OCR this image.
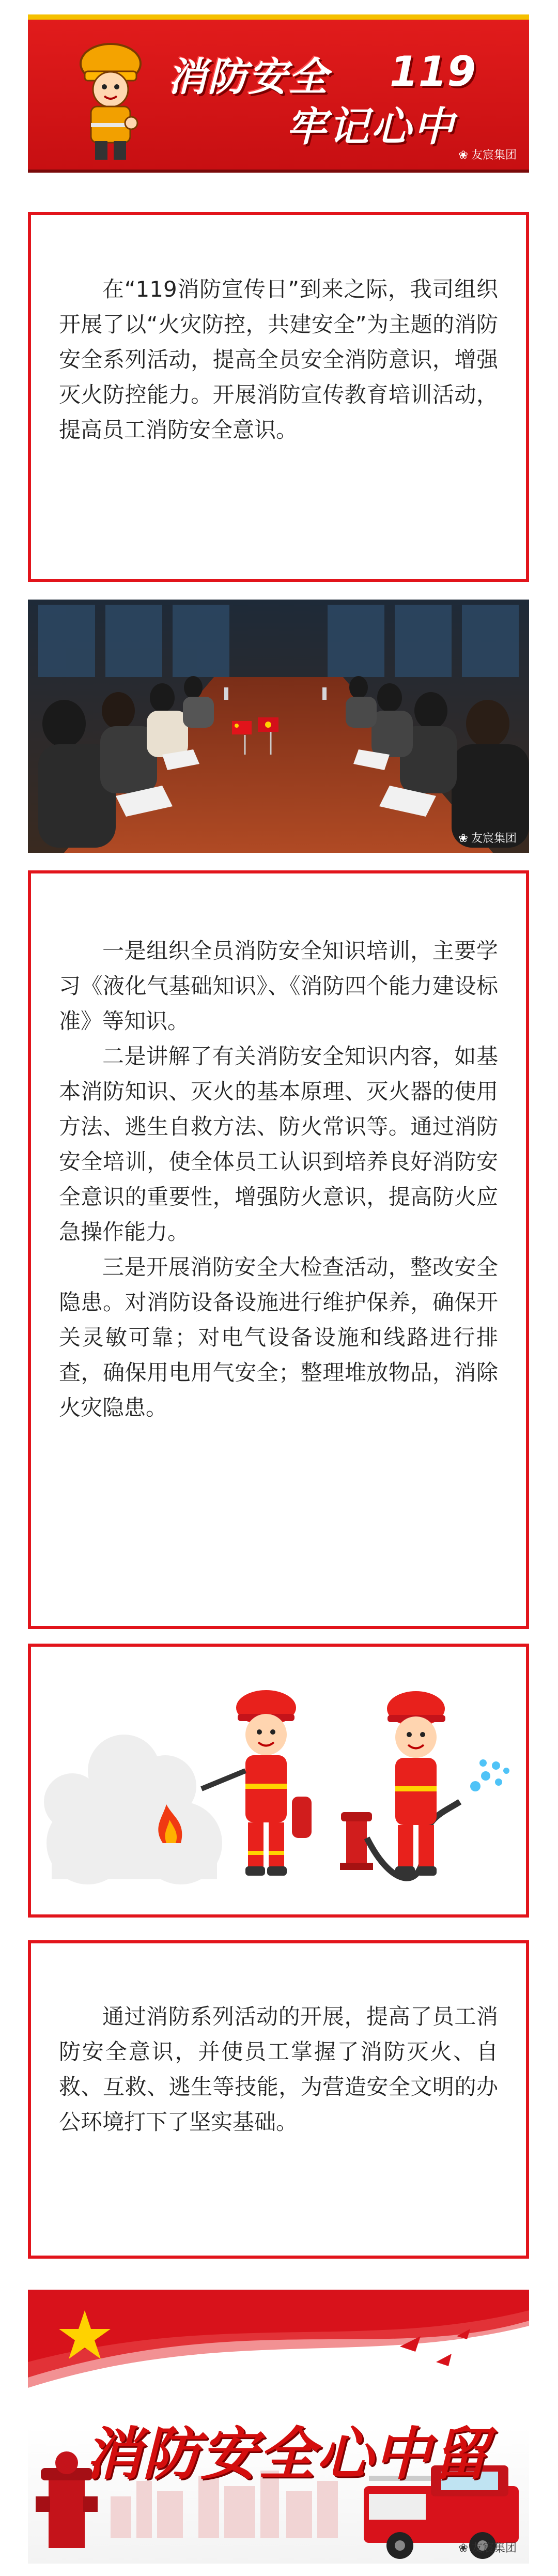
消防安全 119
牢记心中
❀ 友宸集团

在“119消防宣传日”到来之际，我司组织开展了以“火灾防控，共建安全”为主题的消防安全系列活动，提高全员安全消防意识，增强灭火防控能力。开展消防宣传教育培训活动，提高员工消防安全意识。

❀ 友宸集团

一是组织全员消防安全知识培训，主要学习《液化气基础知识》、《消防四个能力建设标准》等知识。

二是讲解了有关消防安全知识内容，如基本消防知识、灭火的基本原理、灭火器的使用方法、逃生自救方法、防火常识等。通过消防安全培训，使全体员工认识到培养良好消防安全意识的重要性，增强防火意识，提高防火应急操作能力。

三是开展消防安全大检查活动，整改安全隐患。对消防设备设施进行维护保养，确保开关灵敏可靠；对电气设备设施和线路进行排查，确保用电用气安全；整理堆放物品，消除火灾隐患。

通过消防系列活动的开展，提高了员工消防安全意识，并使员工掌握了消防灭火、自救、互救、逃生等技能，为营造安全文明的办公环境打下了坚实基础。

消防安全心中留
❀ 友宸集团
